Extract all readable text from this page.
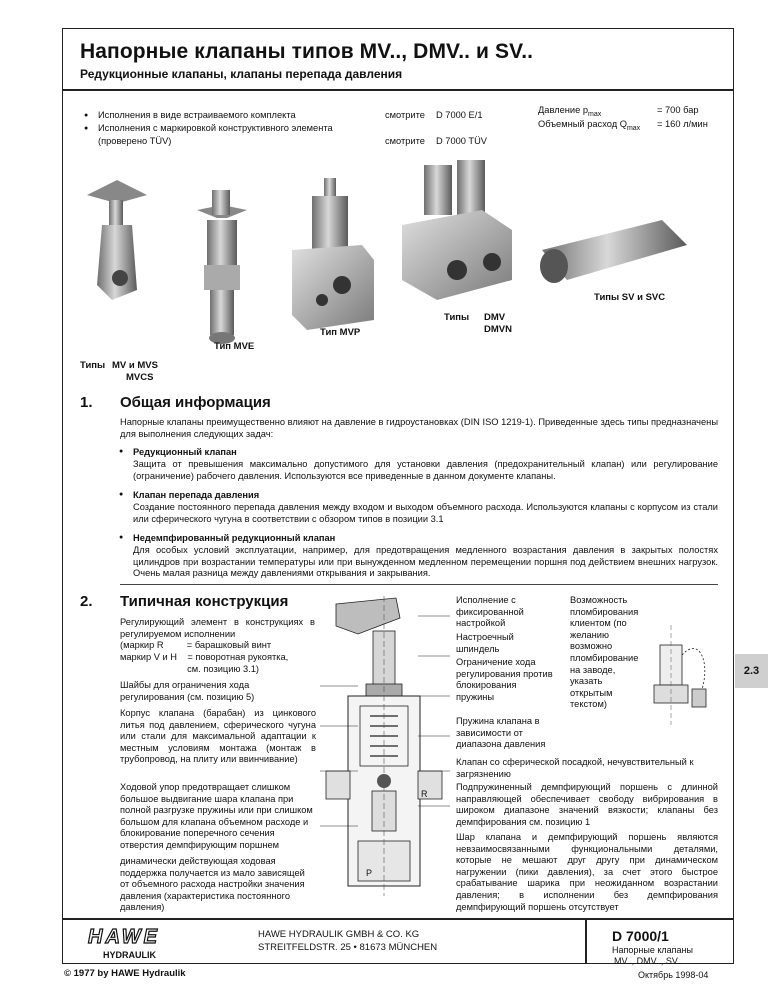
Напорные клапаны типов MV.., DMV.. и SV..
Редукционные клапаны, клапаны перепада давления
● Исполнения в виде встраиваемого комплекта
● Исполнения с маркировкой конструктивного элемента
(проверено TÜV)
смотрите D 7000 E/1
смотрите D 7000 TÜV
Давление $p_{max}$	= 700 бар
Объемный расход $Q_{max} = 160$ л/мин
Типы SV и SVC
Типы DMV
DMVN
Тип MVP
Тип MVE
Типы MV и MVS
MVCS
1. Общая информация
Напорные клапаны преимущественно влияют на давление в гидроустановках (DIN ISO 1219-1). Приведенные здесь типы предназначены для выполнения следующих задач:
● Редукционный клапан
Защита от превышения максимально допустимого для установки давления (предохранительный клапан) или регулирование (ограничение) рабочего давления. Используются все приведенные в данном документе клапаны.
● Клапан перепада давления
Создание постоянного перепада давления между входом и выходом объемного расхода. Используются клапаны с корпусом из стали или сферического чугуна в соответствии с обзором типов в позиции 3.1
● Недемпфированный редукционный клапан
Для особых условий эксплуатации, например, для предотвращения медленного возрастания давления в закрытых полостях цилиндров при возрастании температуры или при вынужденном медленном перемещении поршня под действием внешних нагрузок. Очень малая разница между давлениями открывания и закрывания.
2. Типичная конструкция
Регулирующий элемент в конструкциях в регулируемом исполнении
(маркир R         = барашковый винт
маркир V и H    = поворотная рукоятка,
см. позицию 3.1)
Шайбы для ограничения хода регулирования (см. позицию 5)
Корпус клапана (барабан) из цинкового литья под давлением, сферического чугуна или стали для максимальной адаптации к местным условиям монтажа (монтаж в трубопровод, на плиту или ввинчивание)
Ходовой упор предотвращает слишком большое выдвигание шара клапана при полной разгрузке пружины или при слишком большом для клапана объемном расходе и блокирование поперечного сечения отверстия демпфирующим поршнем
динамически действующая ходовая поддержка получается из мало зависящей от объемного расхода настройки значения давления (характеристика постоянного давления)
R
P
Исполнение с фиксированной настройкой
Настроечный шпиндель
Ограничение хода регулирования против блокирования пружины
Пружина клапана в зависимости от диапазона давления
Возможность пломбирования клиентом (по желанию возможно пломбирование на заводе, указать открытым текстом)
Клапан со сферической посадкой, нечувствительный к загрязнению
Подпружиненный демпфирующий поршень с длинной направляющей обеспечивает свободу вибрирования в широком диапазоне значений вязкости; клапаны без демпфирования см. позицию 1
Шар клапана и демпфирующий поршень являются невзаимосвязанными функциональными деталями, которые не мешают друг другу при динамическом нагружении (пики давления), за счет этого быстрое срабатывание шарика при неожиданном возрастании давления; в исполнении без демпфирования демпфирующий поршень отсутствует
2.3
HAWE
HYDRAULIK
HAWE HYDRAULIK GMBH & CO. KG
STREITFELDSTR. 25 • 81673 MÜNCHEN
D 7000/1
Напорные клапаны
MV.., DMV.., SV..
© 1977 by HAWE Hydraulik	Октябрь 1998-04
